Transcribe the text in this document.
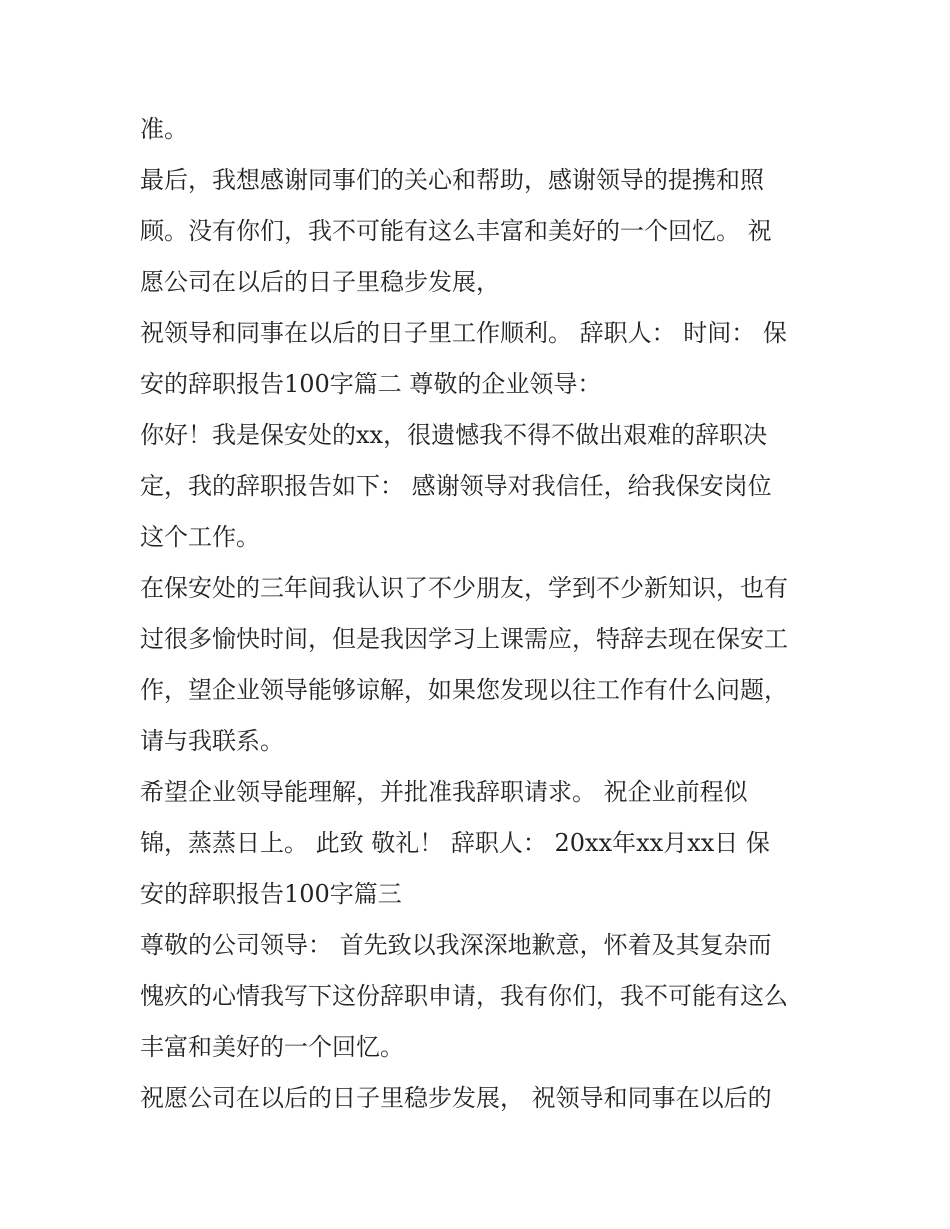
准。

最后，我想感谢同事们的关心和帮助，感谢领导的提携和照

顾。没有你们，我不可能有这么丰富和美好的一个回忆。 祝

愿公司在以后的日子里稳步发展，

祝领导和同事在以后的日子里工作顺利。 辞职人： 时间： 保

安的辞职报告100字篇二 尊敬的企业领导：

你好！我是保安处的xx，很遗憾我不得不做出艰难的辞职决

定，我的辞职报告如下： 感谢领导对我信任，给我保安岗位

这个工作。

在保安处的三年间我认识了不少朋友，学到不少新知识，也有

过很多愉快时间，但是我因学习上课需应，特辞去现在保安工

作，望企业领导能够谅解，如果您发现以往工作有什么问题，

请与我联系。

希望企业领导能理解，并批准我辞职请求。 祝企业前程似

锦，蒸蒸日上。 此致 敬礼！ 辞职人： 20xx年xx月xx日 保

安的辞职报告100字篇三

尊敬的公司领导： 首先致以我深深地歉意，怀着及其复杂而

愧疚的心情我写下这份辞职申请，我有你们，我不可能有这么

丰富和美好的一个回忆。

祝愿公司在以后的日子里稳步发展， 祝领导和同事在以后的
